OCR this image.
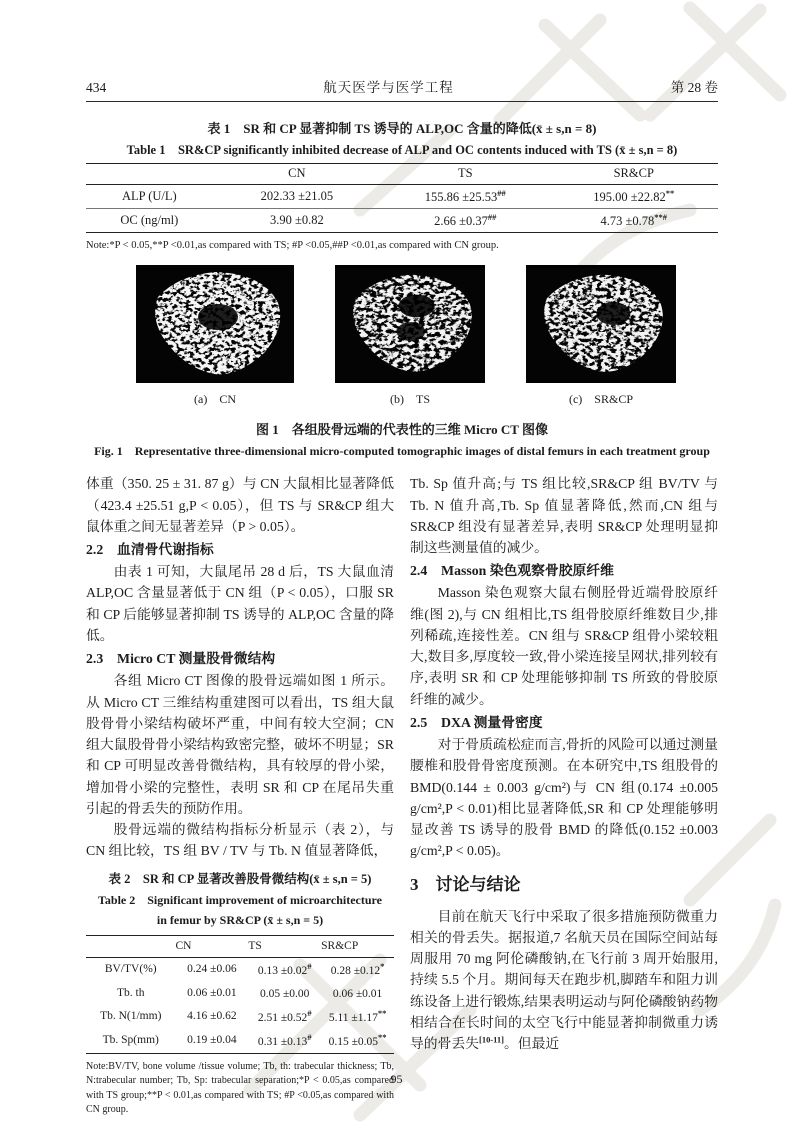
434	航天医学与医学工程	第 28 卷
表 1　SR 和 CP 显著抑制 TS 诱导的 ALP,OC 含量的降低(x̄ ± s,n = 8)
Table 1　SR&CP significantly inhibited decrease of ALP and OC contents induced with TS (x̄ ± s,n = 8)
	CN	TS	SR&CP
ALP (U/L)	202.33 ±21.05	155.86 ±25.53##	195.00 ±22.82**
OC (ng/ml)	3.90 ±0.82	2.66 ±0.37##	4.73 ±0.78**#
Note:*P < 0.05,**P <0.01,as compared with TS; #P <0.05,##P <0.01,as compared with CN group.
(a)　CN	(b)　TS	(c)　SR&CP
图 1　各组股骨远端的代表性的三维 Micro CT 图像
Fig. 1　Representative three-dimensional micro-computed tomographic images of distal femurs in each treatment group

体重（350. 25 ± 31. 87 g）与 CN 大鼠相比显著降低（423.4 ±25.51 g,P < 0.05），但 TS 与 SR&CP 组大鼠体重之间无显著差异（P > 0.05）。

2.2　血清骨代谢指标

由表 1 可知，大鼠尾吊 28 d 后，TS 大鼠血清 ALP,OC 含量显著低于 CN 组（P < 0.05），口服 SR 和 CP 后能够显著抑制 TS 诱导的 ALP,OC 含量的降低。

2.3　Micro CT 测量股骨微结构

各组 Micro CT 图像的股骨远端如图 1 所示。从 Micro CT 三维结构重建图可以看出，TS 组大鼠股骨骨小梁结构破坏严重，中间有较大空洞；CN 组大鼠股骨骨小梁结构致密完整，破坏不明显；SR 和 CP 可明显改善骨微结构，具有较厚的骨小梁，增加骨小梁的完整性，表明 SR 和 CP 在尾吊失重引起的骨丢失的预防作用。

股骨远端的微结构指标分析显示（表 2），与 CN 组比较，TS 组 BV / TV 与 Tb. N 值显著降低，

表 2　SR 和 CP 显著改善股骨微结构(x̄ ± s,n = 5)
Table 2　Significant improvement of microarchitecture
in femur by SR&CP (x̄ ± s,n = 5)
	CN	TS	SR&CP
BV/TV(%)	0.24 ±0.06	0.13 ±0.02#	0.28 ±0.12*
Tb. th	0.06 ±0.01	0.05 ±0.00	0.06 ±0.01
Tb. N(1/mm)	4.16 ±0.62	2.51 ±0.52#	5.11 ±1.17**
Tb. Sp(mm)	0.19 ±0.04	0.31 ±0.13#	0.15 ±0.05**
Note:BV/TV, bone volume /tissue volume; Tb, th: trabecular thickness; Tb, N:trabecular number; Tb, Sp: trabecular separation;*P < 0.05,as compared with TS group;**P < 0.01,as compared with TS; #P <0.05,as compared with CN group.

Tb. Sp 值升高;与 TS 组比较,SR&CP 组 BV/TV 与 Tb. N 值升高,Tb. Sp 值显著降低,然而,CN 组与 SR&CP 组没有显著差异,表明 SR&CP 处理明显抑制这些测量值的减少。

2.4　Masson 染色观察骨胶原纤维

Masson 染色观察大鼠右侧胫骨近端骨胶原纤维(图 2),与 CN 组相比,TS 组骨胶原纤维数目少,排列稀疏,连接性差。CN 组与 SR&CP 组骨小梁较粗大,数目多,厚度较一致,骨小梁连接呈网状,排列较有序,表明 SR 和 CP 处理能够抑制 TS 所致的骨胶原纤维的减少。

2.5　DXA 测量骨密度

对于骨质疏松症而言,骨折的风险可以通过测量腰椎和股骨骨密度预测。在本研究中,TS 组股骨的 BMD(0.144 ± 0.003 g/cm²)与 CN 组(0.174 ±0.005 g/cm²,P < 0.01)相比显著降低,SR 和 CP 处理能够明显改善 TS 诱导的股骨 BMD 的降低(0.152 ±0.003 g/cm²,P < 0.05)。

3　讨论与结论

目前在航天飞行中采取了很多措施预防微重力相关的骨丢失。据报道,7 名航天员在国际空间站每周服用 70 mg 阿伦磷酸钠,在飞行前 3 周开始服用,持续 5.5 个月。期间每天在跑步机,脚踏车和阻力训练设备上进行锻炼,结果表明运动与阿伦磷酸钠药物相结合在长时间的太空飞行中能显著抑制微重力诱导的骨丢失[10-11]。但最近

95
